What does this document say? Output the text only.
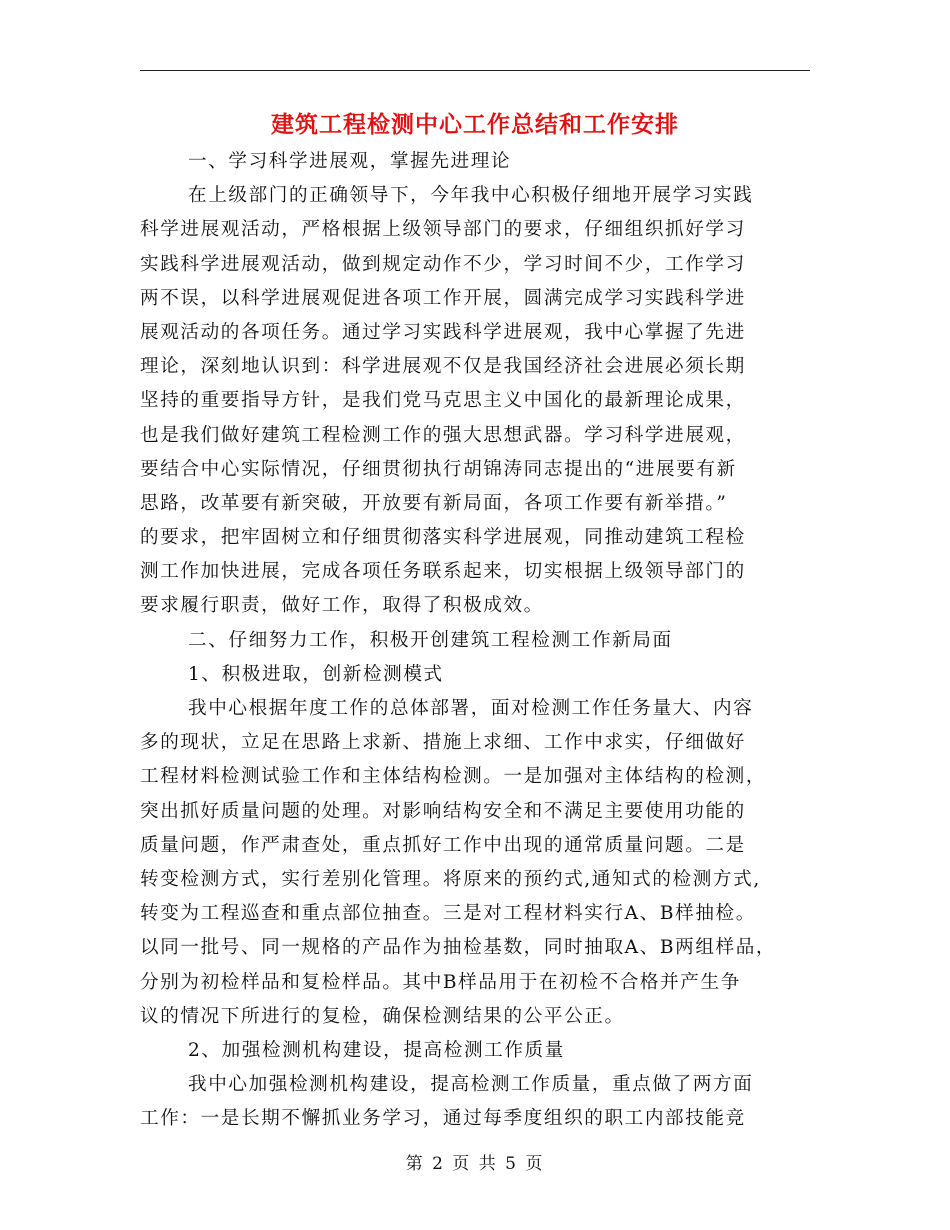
建筑工程检测中心工作总结和工作安排
一、学习科学进展观，掌握先进理论
在上级部门的正确领导下，今年我中心积极仔细地开展学习实践
科学进展观活动，严格根据上级领导部门的要求，仔细组织抓好学习
实践科学进展观活动，做到规定动作不少，学习时间不少，工作学习
两不误，以科学进展观促进各项工作开展，圆满完成学习实践科学进
展观活动的各项任务。通过学习实践科学进展观，我中心掌握了先进
理论，深刻地认识到：科学进展观不仅是我国经济社会进展必须长期
坚持的重要指导方针，是我们党马克思主义中国化的最新理论成果，
也是我们做好建筑工程检测工作的强大思想武器。学习科学进展观，
要结合中心实际情况，仔细贯彻执行胡锦涛同志提出的“进展要有新
思路，改革要有新突破，开放要有新局面，各项工作要有新举措。”
的要求，把牢固树立和仔细贯彻落实科学进展观，同推动建筑工程检
测工作加快进展，完成各项任务联系起来，切实根据上级领导部门的
要求履行职责，做好工作，取得了积极成效。
二、仔细努力工作，积极开创建筑工程检测工作新局面
1、积极进取，创新检测模式
我中心根据年度工作的总体部署，面对检测工作任务量大、内容
多的现状，立足在思路上求新、措施上求细、工作中求实，仔细做好
工程材料检测试验工作和主体结构检测。一是加强对主体结构的检测，
突出抓好质量问题的处理。对影响结构安全和不满足主要使用功能的
质量问题，作严肃查处，重点抓好工作中出现的通常质量问题。二是
转变检测方式，实行差别化管理。将原来的预约式,通知式的检测方式,
转变为工程巡查和重点部位抽查。三是对工程材料实行A、B样抽检。
以同一批号、同一规格的产品作为抽检基数，同时抽取A、B两组样品，
分别为初检样品和复检样品。其中B样品用于在初检不合格并产生争
议的情况下所进行的复检，确保检测结果的公平公正。
2、加强检测机构建设，提高检测工作质量
我中心加强检测机构建设，提高检测工作质量，重点做了两方面
工作：一是长期不懈抓业务学习，通过每季度组织的职工内部技能竞
第 2 页 共 5 页
